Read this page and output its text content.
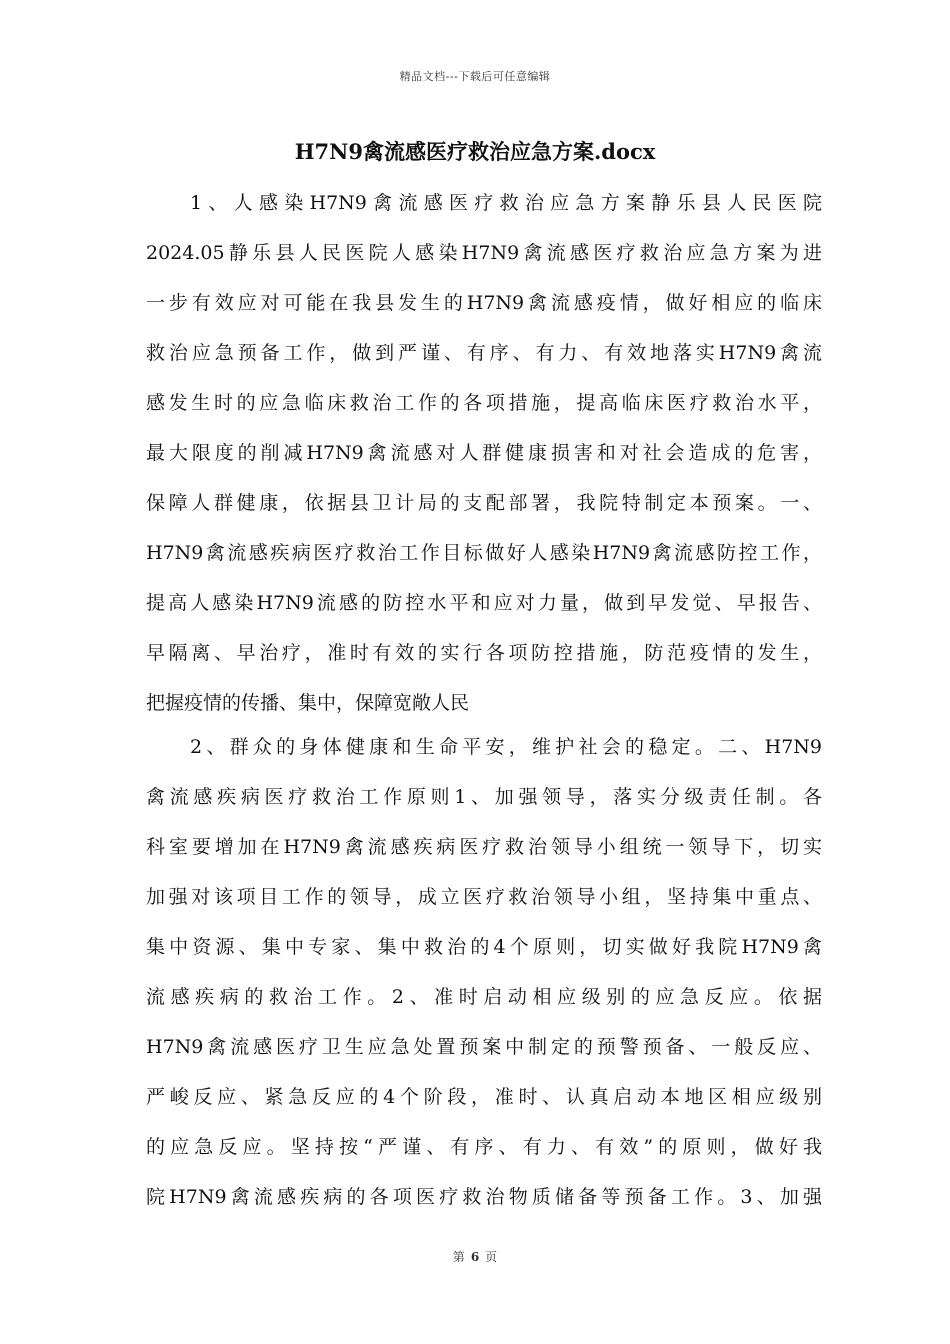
精品文档---下载后可任意编辑
H7N9禽流感医疗救治应急方案.docx
1、人感染H7N9禽流感医疗救治应急方案静乐县人民医院
2024.05静乐县人民医院人感染H7N9禽流感医疗救治应急方案为进
一步有效应对可能在我县发生的H7N9禽流感疫情，做好相应的临床
救治应急预备工作，做到严谨、有序、有力、有效地落实H7N9禽流
感发生时的应急临床救治工作的各项措施，提高临床医疗救治水平，
最大限度的削减H7N9禽流感对人群健康损害和对社会造成的危害，
保障人群健康，依据县卫计局的支配部署，我院特制定本预案。一、
H7N9禽流感疾病医疗救治工作目标做好人感染H7N9禽流感防控工作，
提高人感染H7N9流感的防控水平和应对力量，做到早发觉、早报告、
早隔离、早治疗，准时有效的实行各项防控措施，防范疫情的发生，
把握疫情的传播、集中，保障宽敞人民
2、群众的身体健康和生命平安，维护社会的稳定。二、H7N9
禽流感疾病医疗救治工作原则1、加强领导，落实分级责任制。各
科室要增加在H7N9禽流感疾病医疗救治领导小组统一领导下，切实
加强对该项目工作的领导，成立医疗救治领导小组，坚持集中重点、
集中资源、集中专家、集中救治的4个原则，切实做好我院H7N9禽
流感疾病的救治工作。2、准时启动相应级别的应急反应。依据
H7N9禽流感医疗卫生应急处置预案中制定的预警预备、一般反应、
严峻反应、紧急反应的4个阶段，准时、认真启动本地区相应级别
的应急反应。坚持按“严谨、有序、有力、有效”的原则，做好我
院H7N9禽流感疾病的各项医疗救治物质储备等预备工作。3、加强
第 6 页
